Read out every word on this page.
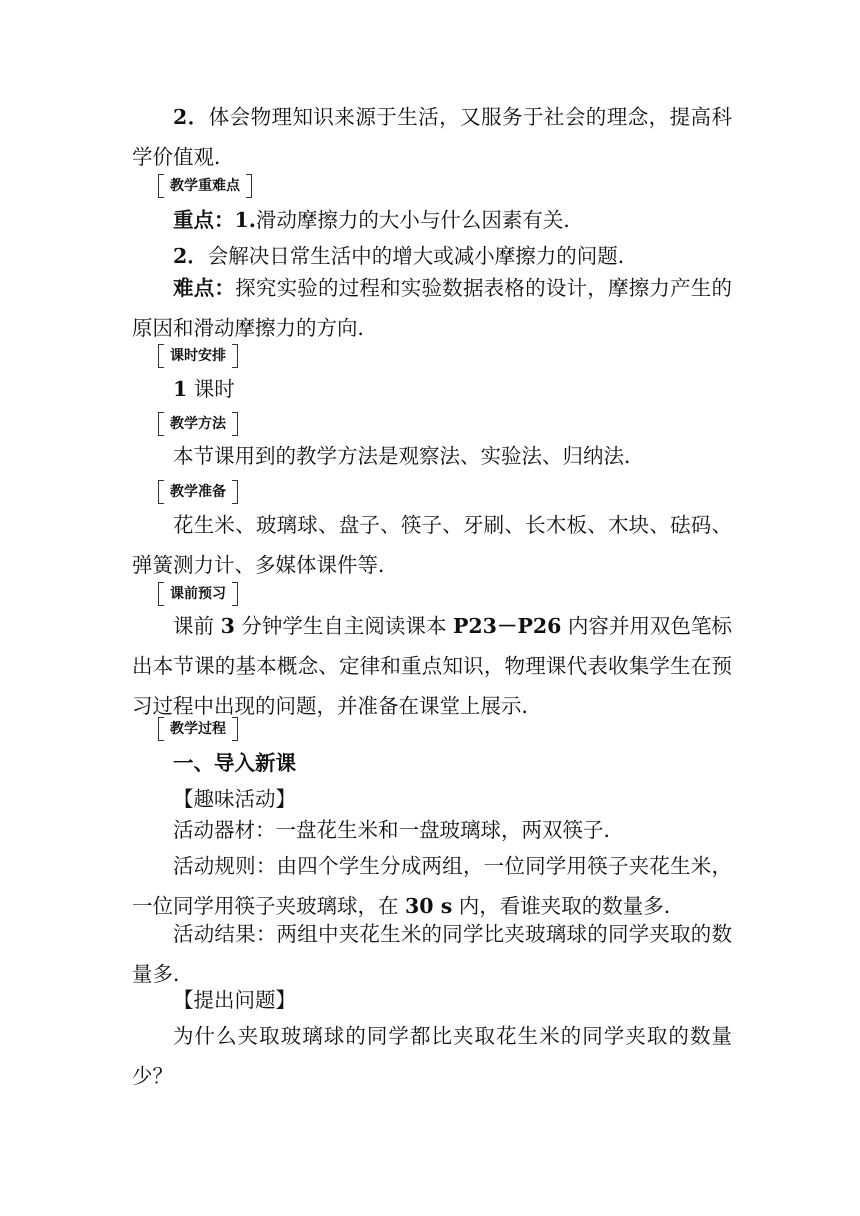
2．体会物理知识来源于生活，又服务于社会的理念，提高科学价值观．

教学重难点

重点：1.滑动摩擦力的大小与什么因素有关．

2．会解决日常生活中的增大或减小摩擦力的问题．

难点：探究实验的过程和实验数据表格的设计，摩擦力产生的原因和滑动摩擦力的方向．

课时安排

1 课时

教学方法

本节课用到的教学方法是观察法、实验法、归纳法．

教学准备

花生米、玻璃球、盘子、筷子、牙刷、长木板、木块、砝码、弹簧测力计、多媒体课件等．

课前预习

课前 3 分钟学生自主阅读课本 P23－P26 内容并用双色笔标出本节课的基本概念、定律和重点知识，物理课代表收集学生在预习过程中出现的问题，并准备在课堂上展示．

教学过程

一、导入新课

【趣味活动】

活动器材：一盘花生米和一盘玻璃球，两双筷子．

活动规则：由四个学生分成两组，一位同学用筷子夹花生米，一位同学用筷子夹玻璃球，在 30 s 内，看谁夹取的数量多．

活动结果：两组中夹花生米的同学比夹玻璃球的同学夹取的数量多．

【提出问题】

为什么夹取玻璃球的同学都比夹取花生米的同学夹取的数量少？
